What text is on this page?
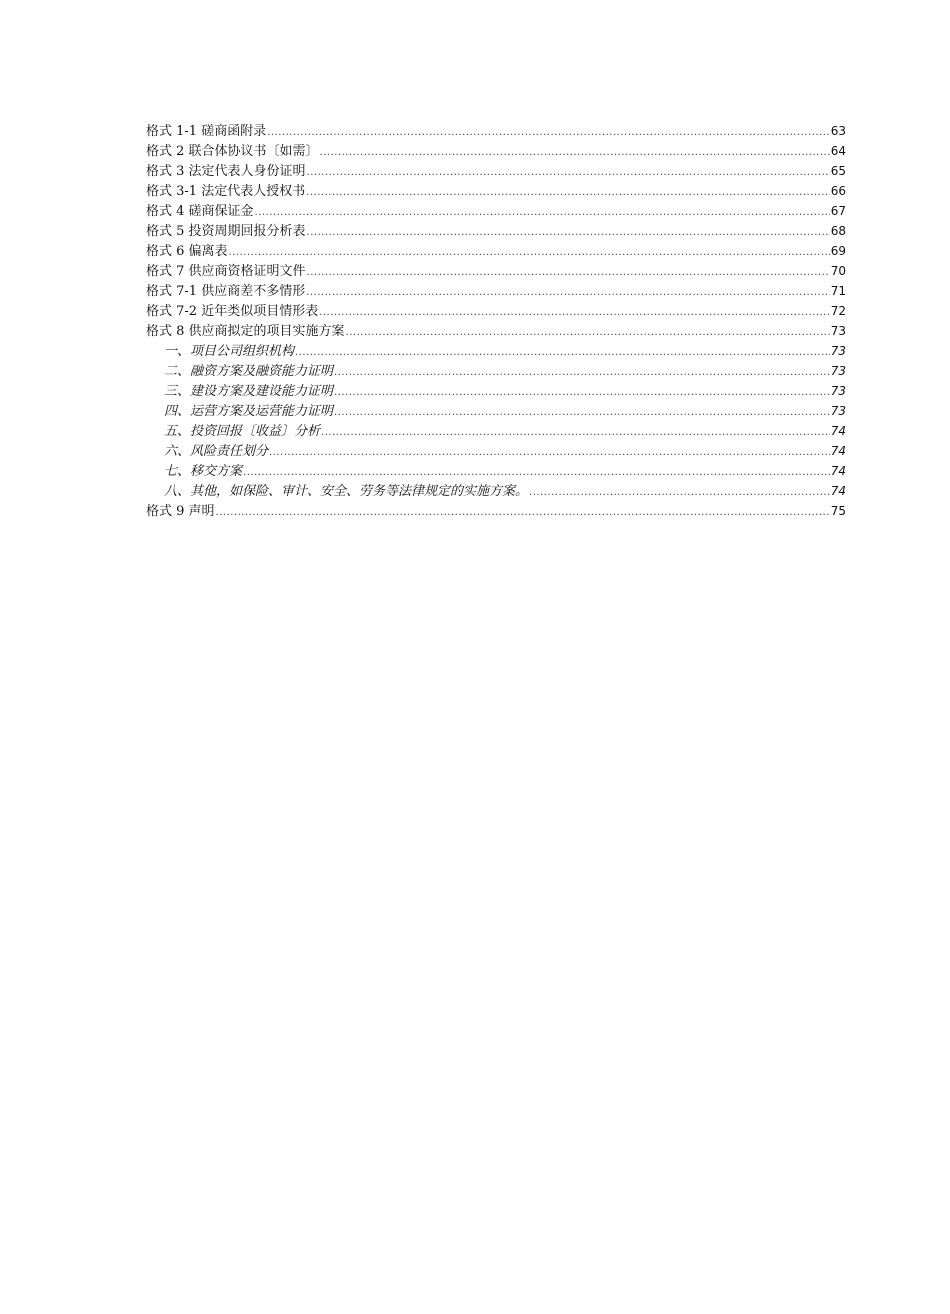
格式 1-1 磋商函附录 .....	63
格式 2 联合体协议书〔如需〕 .....	64
格式 3 法定代表人身份证明 .....	65
格式 3-1 法定代表人授权书 .....	66
格式 4 磋商保证金 .....	67
格式 5 投资周期回报分析表 .....	68
格式 6 偏离表 .....	69
格式 7 供应商资格证明文件 .....	70
格式 7-1 供应商差不多情形 .....	71
格式 7-2 近年类似项目情形表 .....	72
格式 8 供应商拟定的项目实施方案 .....	73
一、项目公司组织机构 .....	73
二、融资方案及融资能力证明 .....	73
三、建设方案及建设能力证明 .....	73
四、运营方案及运营能力证明 .....	73
五、投资回报〔收益〕分析 .....	74
六、风险责任划分 .....	74
七、移交方案 .....	74
八、其他，如保险、审计、安全、劳务等法律规定的实施方案。 .....	74
格式 9 声明 .....	75
